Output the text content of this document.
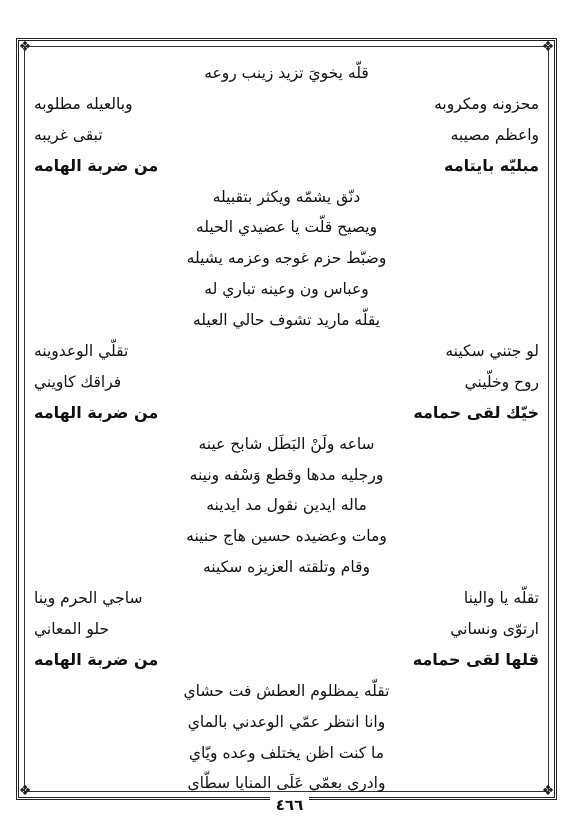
❖	❖
❖	❖
قلّه يخويَ تزيد زينب روعه
محزونه ومكروبه
وبالعيله مطلوبه
واعظم مصيبه
تبقى غريبه
مبليّه بايتامه
من ضربة الهامه
دنّق يشمّه ويكثر بتقبيله
ويصيح قلّت يا عضيدي الحيله
وضبّط حزم غوجه وعزمه يشيله
وعباس ون وعينه تباري له
يقلّه ماريد تشوف حالي العيله
لو جتني سكينه
تقلّي الوعدوينه
روح وخلّيني
فراقك كاويني
خيّك لقى حمامه
من ضربة الهامه
ساعه ولَنْ البَطَل شابح عينه
ورجليه مدها وقطع وَسْفه ونينه
ماله ايدين نقول مد ايدينه
ومات وعضيده حسين هاج حنينه
وقام وتلقته العزيزه سكينه
تقلّه يا والينا
ساجي الحرم وينا
ارتوّى ونساني
حلو المعاني
قلها لقى حمامه
من ضربة الهامه
تقلّه يمظلوم العطش فت حشاي
وانا انتظر عمّي الوعدني بالماي
ما كنت اظن يختلف وعده ويّاي
وادري بعمّي عَلَى المنايا سطّاي
٤٦٦
